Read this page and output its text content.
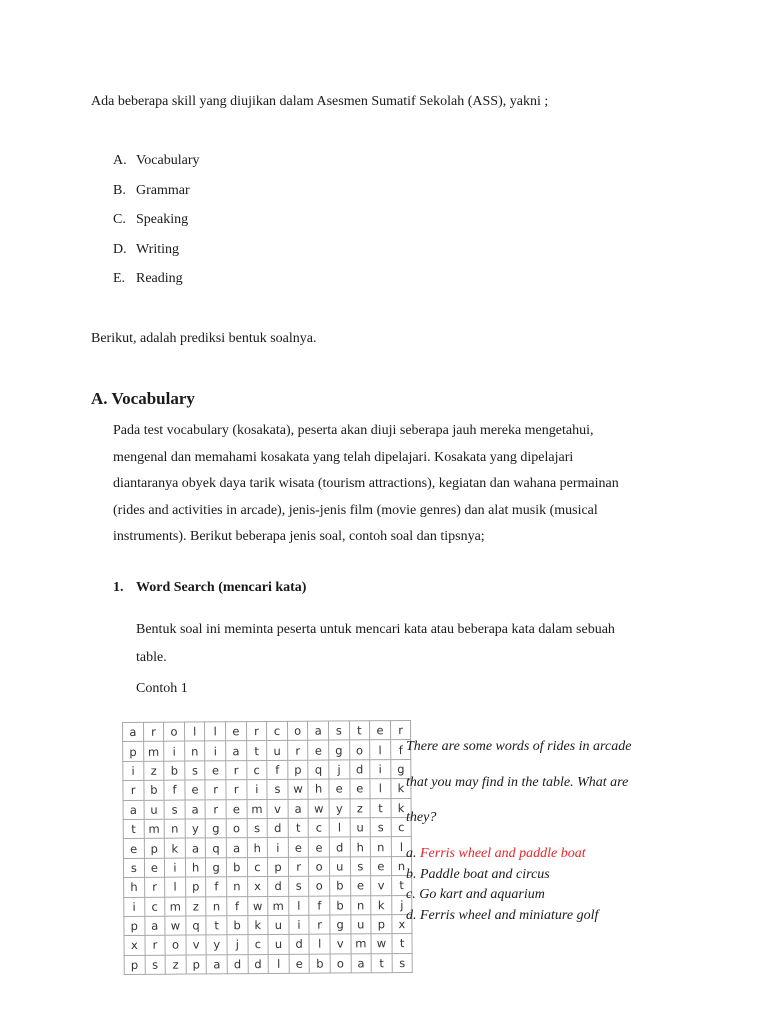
Ada beberapa skill yang diujikan dalam Asesmen Sumatif Sekolah (ASS), yakni ;
A. Vocabulary
B. Grammar
C. Speaking
D. Writing
E. Reading
Berikut, adalah prediksi bentuk soalnya.
A. Vocabulary
Pada test vocabulary (kosakata), peserta akan diuji seberapa jauh mereka mengetahui,
mengenal dan memahami kosakata yang telah dipelajari. Kosakata yang dipelajari
diantaranya obyek daya tarik wisata (tourism attractions), kegiatan dan wahana permainan
(rides and activities in arcade), jenis-jenis film (movie genres) dan alat musik (musical
instruments). Berikut beberapa jenis soal, contoh soal dan tipsnya;
1. Word Search (mencari kata)
Bentuk soal ini meminta peserta untuk mencari kata atau beberapa kata dalam sebuah
table.
Contoh 1
a	r	o	l	l	e	r	c	o	a	s	t	e	r
p	m	i	n	i	a	t	u	r	e	g	o	l	f
i	z	b	s	e	r	c	f	p	q	j	d	i	g
r	b	f	e	r	r	i	s	w	h	e	e	l	k
a	u	s	a	r	e	m	v	a	w	y	z	t	k
t	m	n	y	g	o	s	d	t	c	l	u	s	c
e	p	k	a	q	a	h	i	e	e	d	h	n	l
s	e	i	h	g	b	c	p	r	o	u	s	e	n
h	r	l	p	f	n	x	d	s	o	b	e	v	t
i	c	m	z	n	f	w	m	l	f	b	n	k	j
p	a	w	q	t	b	k	u	i	r	g	u	p	x
x	r	o	v	y	j	c	u	d	l	v	m	w	t
p	s	z	p	a	d	d	l	e	b	o	a	t	s
There are some words of rides in arcade
that you may find in the table. What are
they?
a. Ferris wheel and paddle boat
b. Paddle boat and circus
c. Go kart and aquarium
d. Ferris wheel and miniature golf
